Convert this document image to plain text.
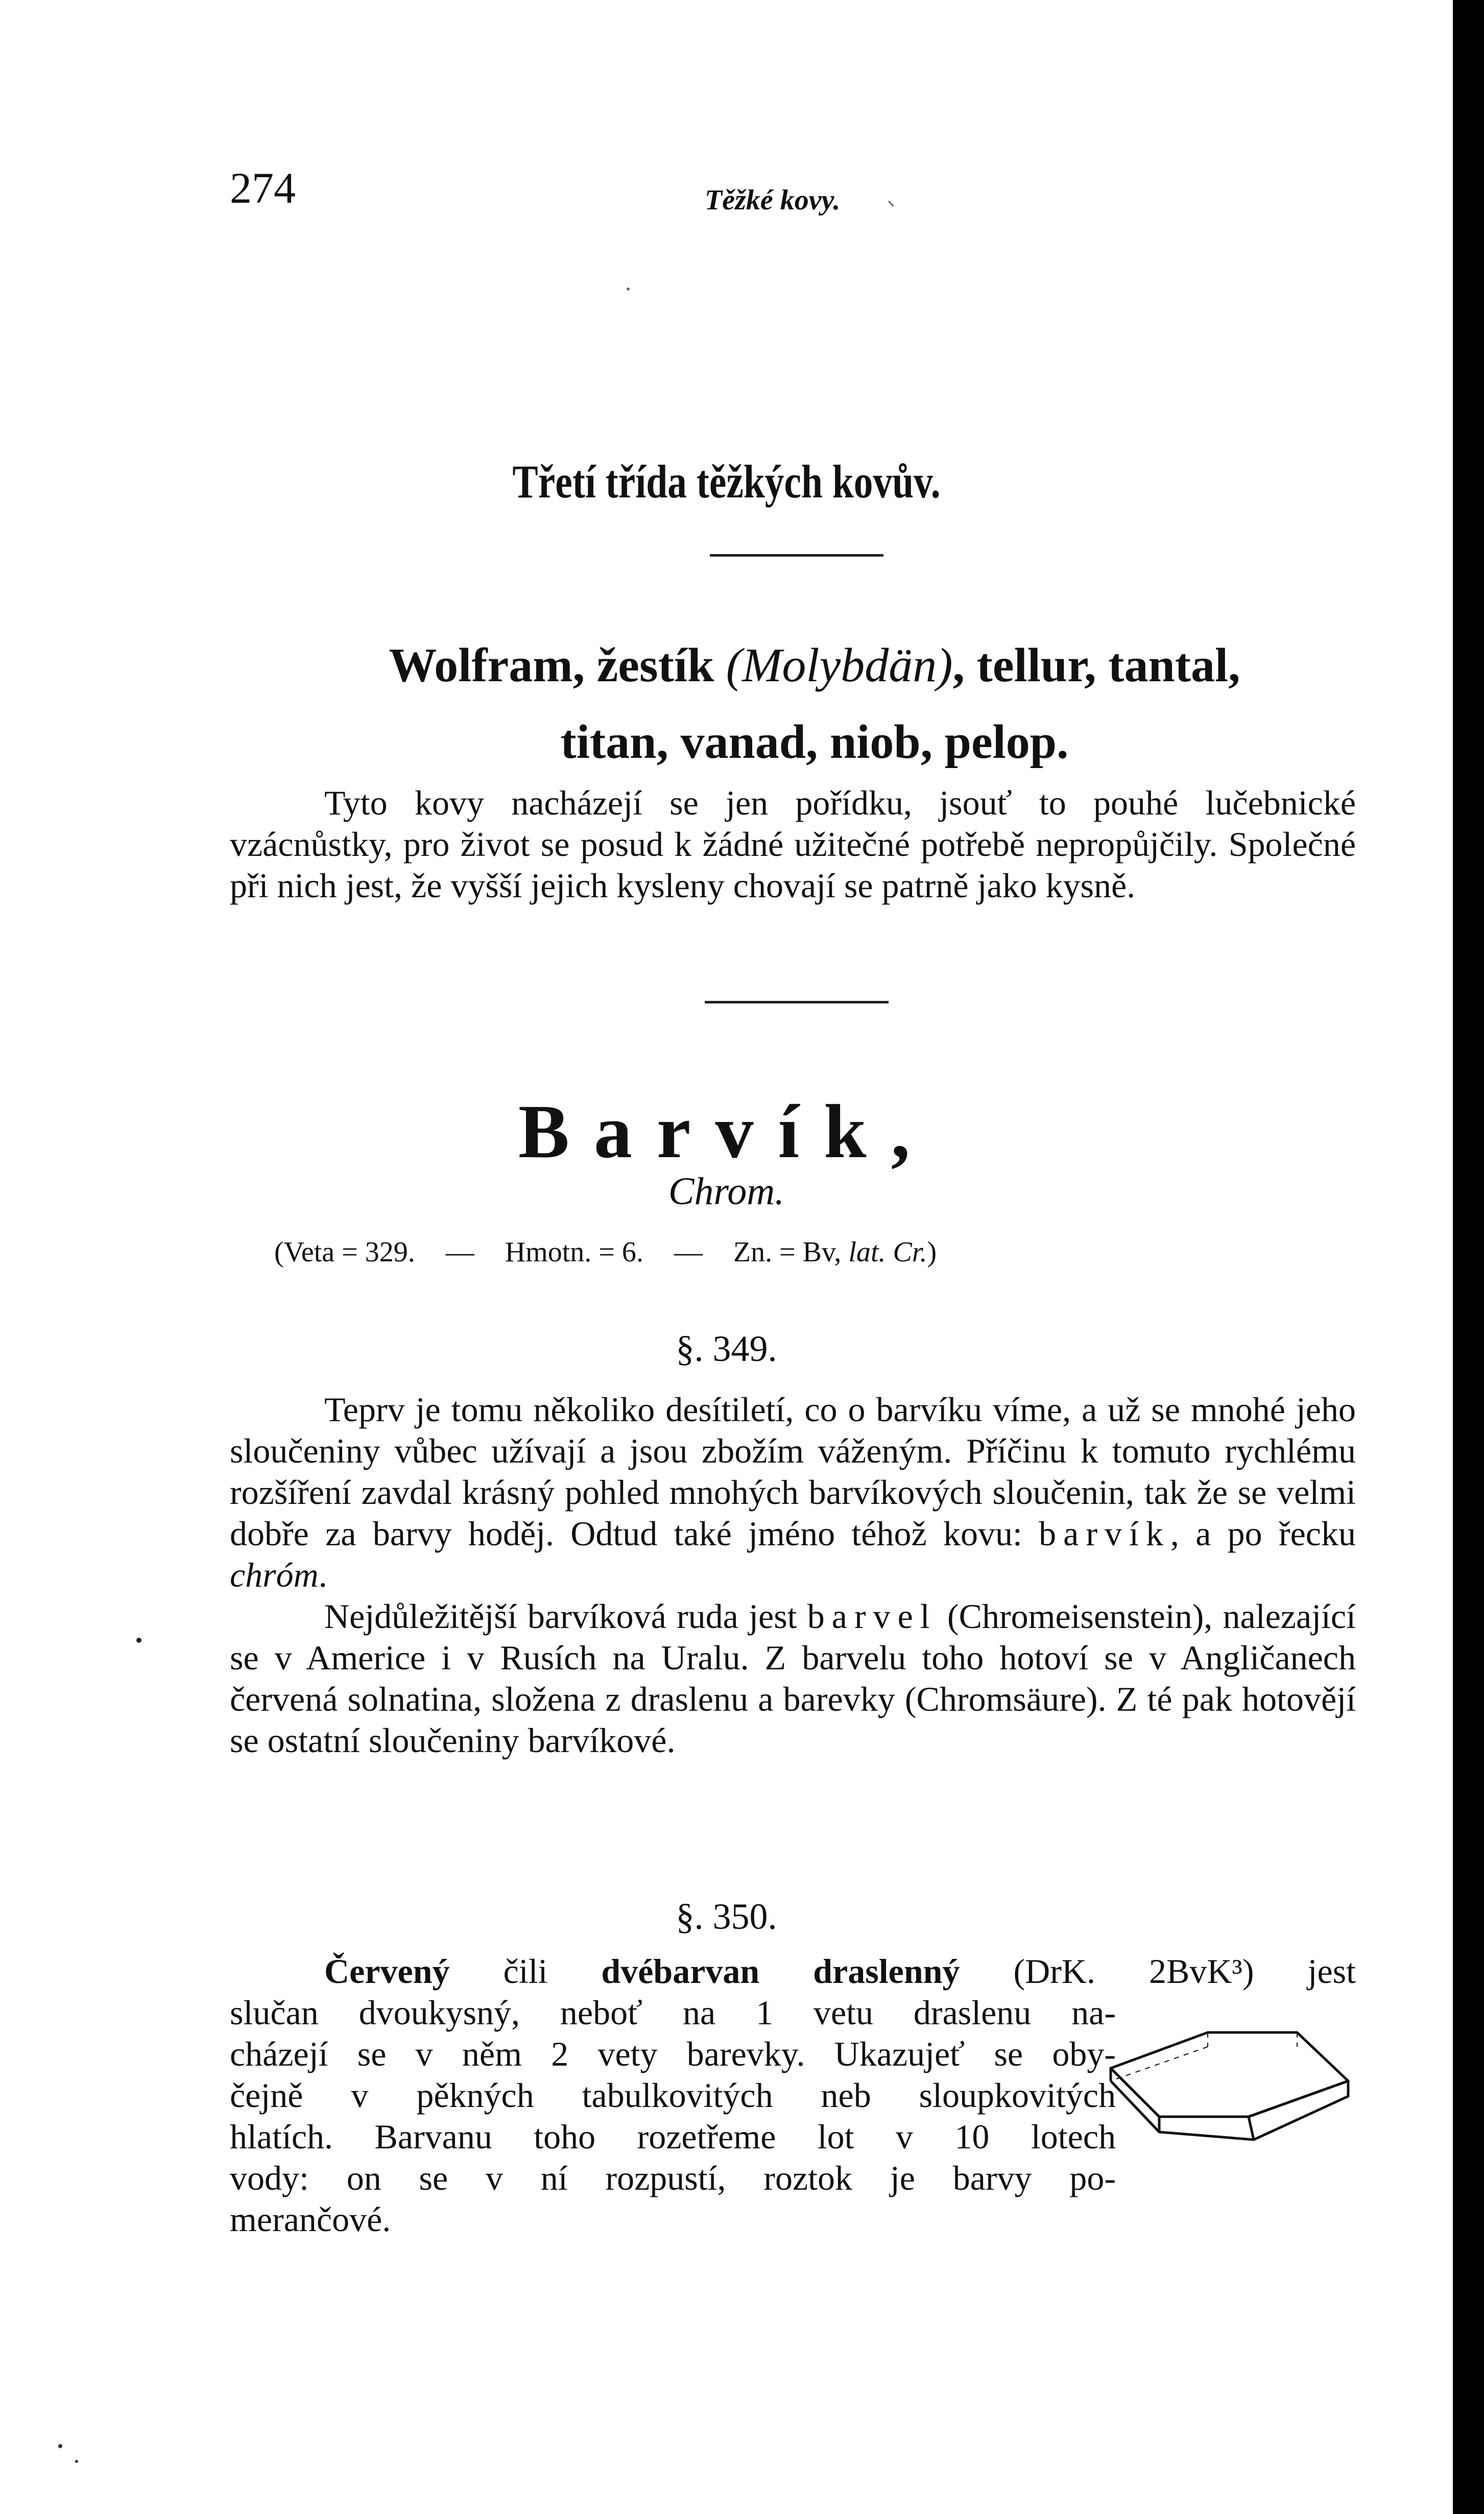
274	Těžké kovy.
Třetí třída těžkých kovův.
Wolfram, žestík (Molybdän), tellur, tantal,
titan, vanad, niob, pelop.

Tyto kovy nacházejí se jen pořídku, jsouť to pouhé lučebnické vzácnůstky, pro život se posud k žádné užitečné potřebě nepropůjčily. Společné při nich jest, že vyšší jejich kysleny chovají se patrně jako kysně.

Barvík,
Chrom.
(Veta = 329. — Hmotn. = 6. — Zn. = Bv, lat. Cr.)
§. 349.

Teprv je tomu několiko desítiletí, co o barvíku víme, a už se mnohé jeho sloučeniny vůbec užívají a jsou zbožím váženým. Příčinu k tomuto rychlému rozšíření zavdal krásný pohled mnohých barvíkových sloučenin, tak že se velmi dobře za barvy hoděj. Odtud také jméno téhož kovu: barvík, a po řecku chróm.

Nejdůležitější barvíková ruda jest barvel (Chromeisenstein), nalezající se v Americe i v Rusích na Uralu. Z barvelu toho hotoví se v Angličanech červená solnatina, složena z draslenu a barevky (Chromsäure). Z té pak hotovějí se ostatní sloučeniny barvíkové.

§. 350.
Červený čili dvébarvan draslenný (DrK. 2BvK³) jest
slučan dvoukysný, neboť na 1 vetu draslenu na-
cházejí se v něm 2 vety barevky. Ukazujeť se oby-
čejně v pěkných tabulkovitých neb sloupkovitých
hlatích. Barvanu toho rozetřeme lot v 10 lotech
vody: on se v ní rozpustí, roztok je barvy po-
merančové.
